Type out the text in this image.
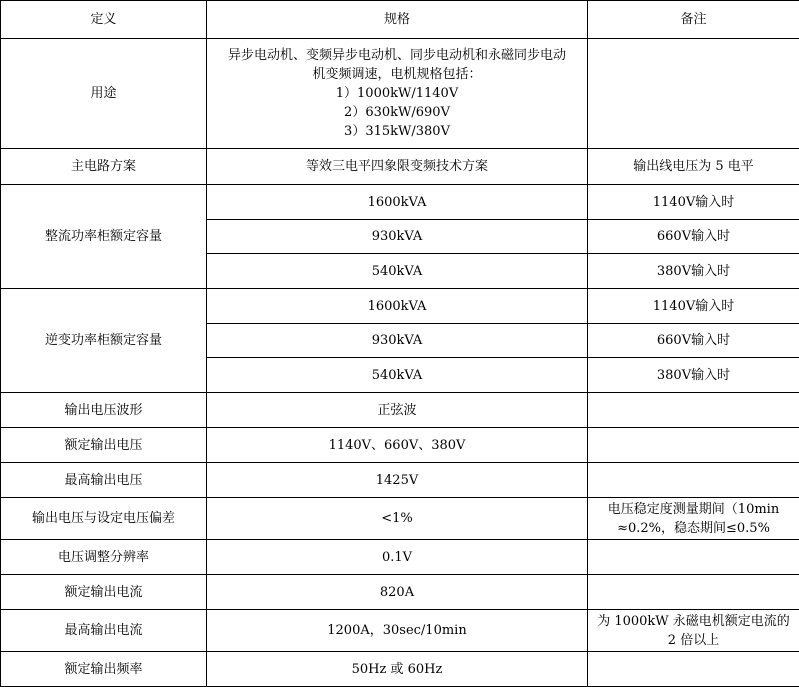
定义	规格	备注
用途	异步电动机、变频异步电动机、同步电动机和永磁同步电动
机变频调速，电机规格包括：
1）1000kW/1140V
2）630kW/690V
3）315kW/380V	

主电路方案	等效三电平四象限变频技术方案	输出线电压为 5 电平
整流功率柜额定容量	1600kVA	1140V输入时
	930kVA	660V输入时
	540kVA	380V输入时
逆变功率柜额定容量	1600kVA	1140V输入时
	930kVA	660V输入时
	540kVA	380V输入时
输出电压波形	正弦波	
额定输出电压	1140V、660V、380V	
最高输出电压	1425V	
输出电压与设定电压偏差	<1%	电压稳定度测量期间（10min
≈0.2%，稳态期间≤0.5%

电压调整分辨率	0.1V	
额定输出电流	820A	
最高输出电流	1200A，30sec/10min	为 1000kW 永磁电机额定电流的
2 倍以上

额定输出频率	50Hz 或 60Hz	
